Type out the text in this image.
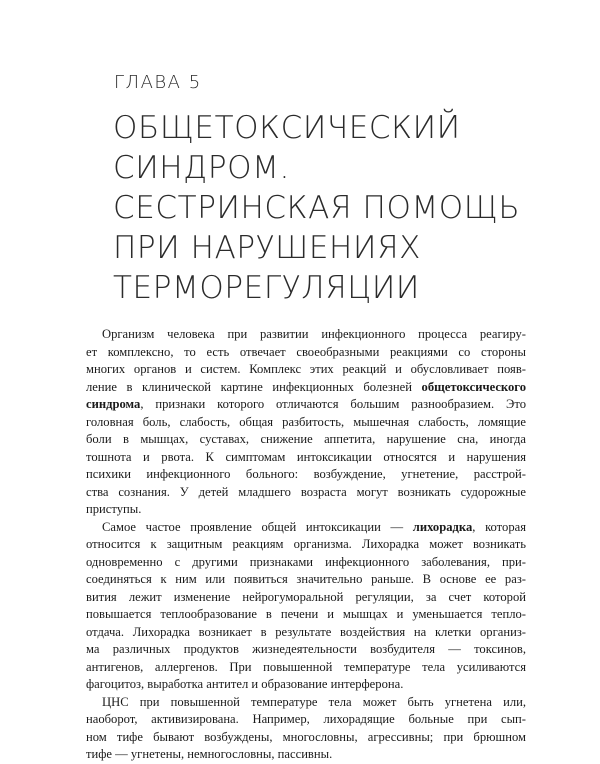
ГЛАВА 5
ОБЩЕТОКСИЧЕСКИЙ
СИНДРОМ.
СЕСТРИНСКАЯ ПОМОЩЬ
ПРИ НАРУШЕНИЯХ
ТЕРМОРЕГУЛЯЦИИ
Организм человека при развитии инфекционного процесса реагиру-
ет комплексно, то есть отвечает своеобразными реакциями со стороны
многих органов и систем. Комплекс этих реакций и обусловливает появ-
ление в клинической картине инфекционных болезней общетоксического
синдрома, признаки которого отличаются большим разнообразием. Это
головная боль, слабость, общая разбитость, мышечная слабость, ломящие
боли в мышцах, суставах, снижение аппетита, нарушение сна, иногда
тошнота и рвота. К симптомам интоксикации относятся и нарушения
психики инфекционного больного: возбуждение, угнетение, расстрой-
ства сознания. У детей младшего возраста могут возникать судорожные
приступы.
Самое частое проявление общей интоксикации — лихорадка, которая
относится к защитным реакциям организма. Лихорадка может возникать
одновременно с другими признаками инфекционного заболевания, при-
соединяться к ним или появиться значительно раньше. В основе ее раз-
вития лежит изменение нейрогуморальной регуляции, за счет которой
повышается теплообразование в печени и мышцах и уменьшается тепло-
отдача. Лихорадка возникает в результате воздействия на клетки организ-
ма различных продуктов жизнедеятельности возбудителя — токсинов,
антигенов, аллергенов. При повышенной температуре тела усиливаются
фагоцитоз, выработка антител и образование интерферона.
ЦНС при повышенной температуре тела может быть угнетена или,
наоборот, активизирована. Например, лихорадящие больные при сып-
ном тифе бывают возбуждены, многословны, агрессивны; при брюшном
тифе — угнетены, немногословны, пассивны.
